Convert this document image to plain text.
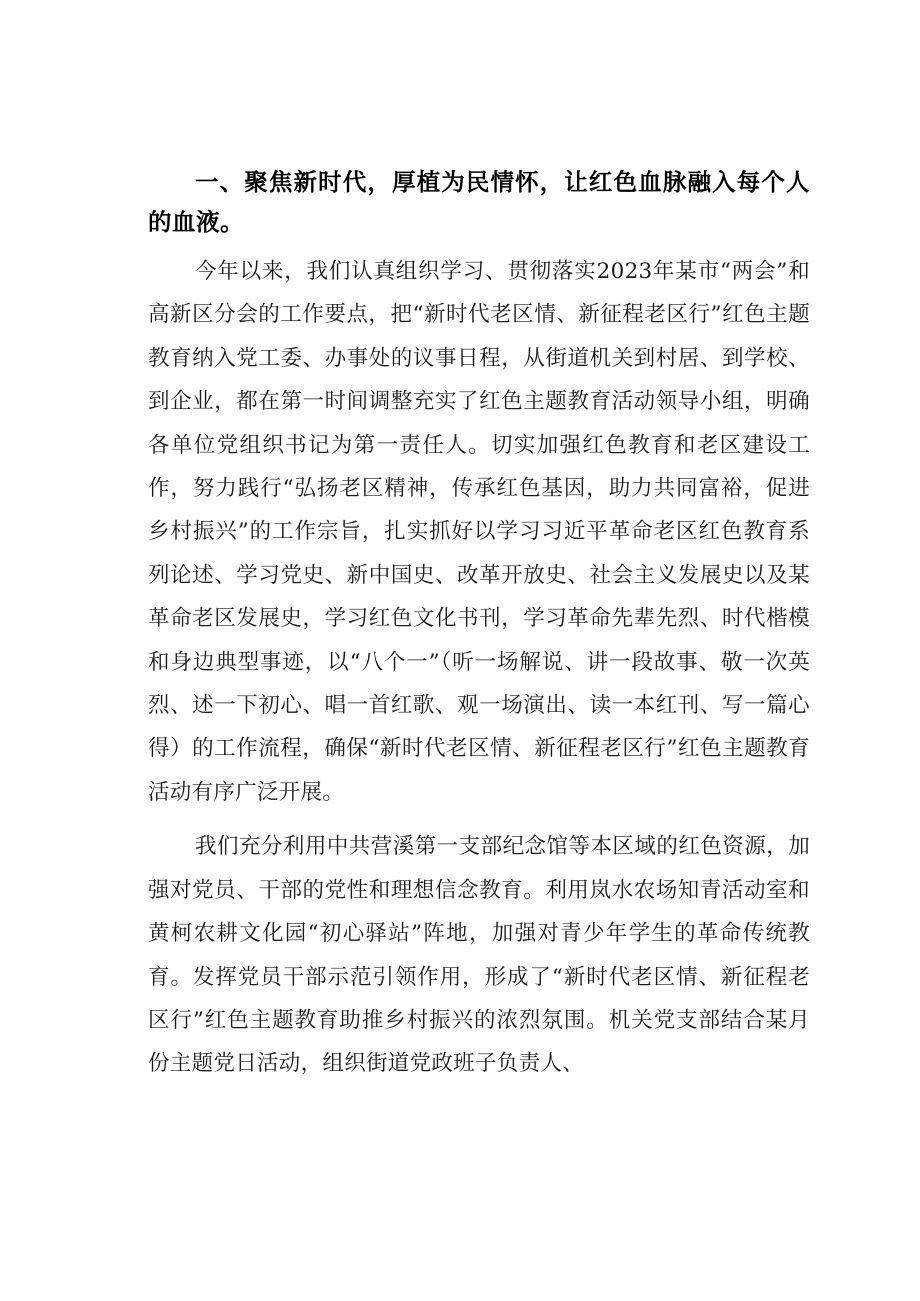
一、聚焦新时代，厚植为民情怀，让红色血脉融入每个人的血液。

今年以来，我们认真组织学习、贯彻落实2023年某市“两会”和高新区分会的工作要点，把“新时代老区情、新征程老区行”红色主题教育纳入党工委、办事处的议事日程，从街道机关到村居、到学校、到企业，都在第一时间调整充实了红色主题教育活动领导小组，明确各单位党组织书记为第一责任人。切实加强红色教育和老区建设工作，努力践行“弘扬老区精神，传承红色基因，助力共同富裕，促进乡村振兴”的工作宗旨，扎实抓好以学习习近平革命老区红色教育系列论述、学习党史、新中国史、改革开放史、社会主义发展史以及某革命老区发展史，学习红色文化书刊，学习革命先辈先烈、时代楷模和身边典型事迹，以“八个一”（听一场解说、讲一段故事、敬一次英烈、述一下初心、唱一首红歌、观一场演出、读一本红刊、写一篇心得）的工作流程，确保“新时代老区情、新征程老区行”红色主题教育活动有序广泛开展。

我们充分利用中共营溪第一支部纪念馆等本区域的红色资源，加强对党员、干部的党性和理想信念教育。利用岚水农场知青活动室和黄柯农耕文化园“初心驿站”阵地，加强对青少年学生的革命传统教育。发挥党员干部示范引领作用，形成了“新时代老区情、新征程老区行”红色主题教育助推乡村振兴的浓烈氛围。机关党支部结合某月份主题党日活动，组织街道党政班子负责人、
